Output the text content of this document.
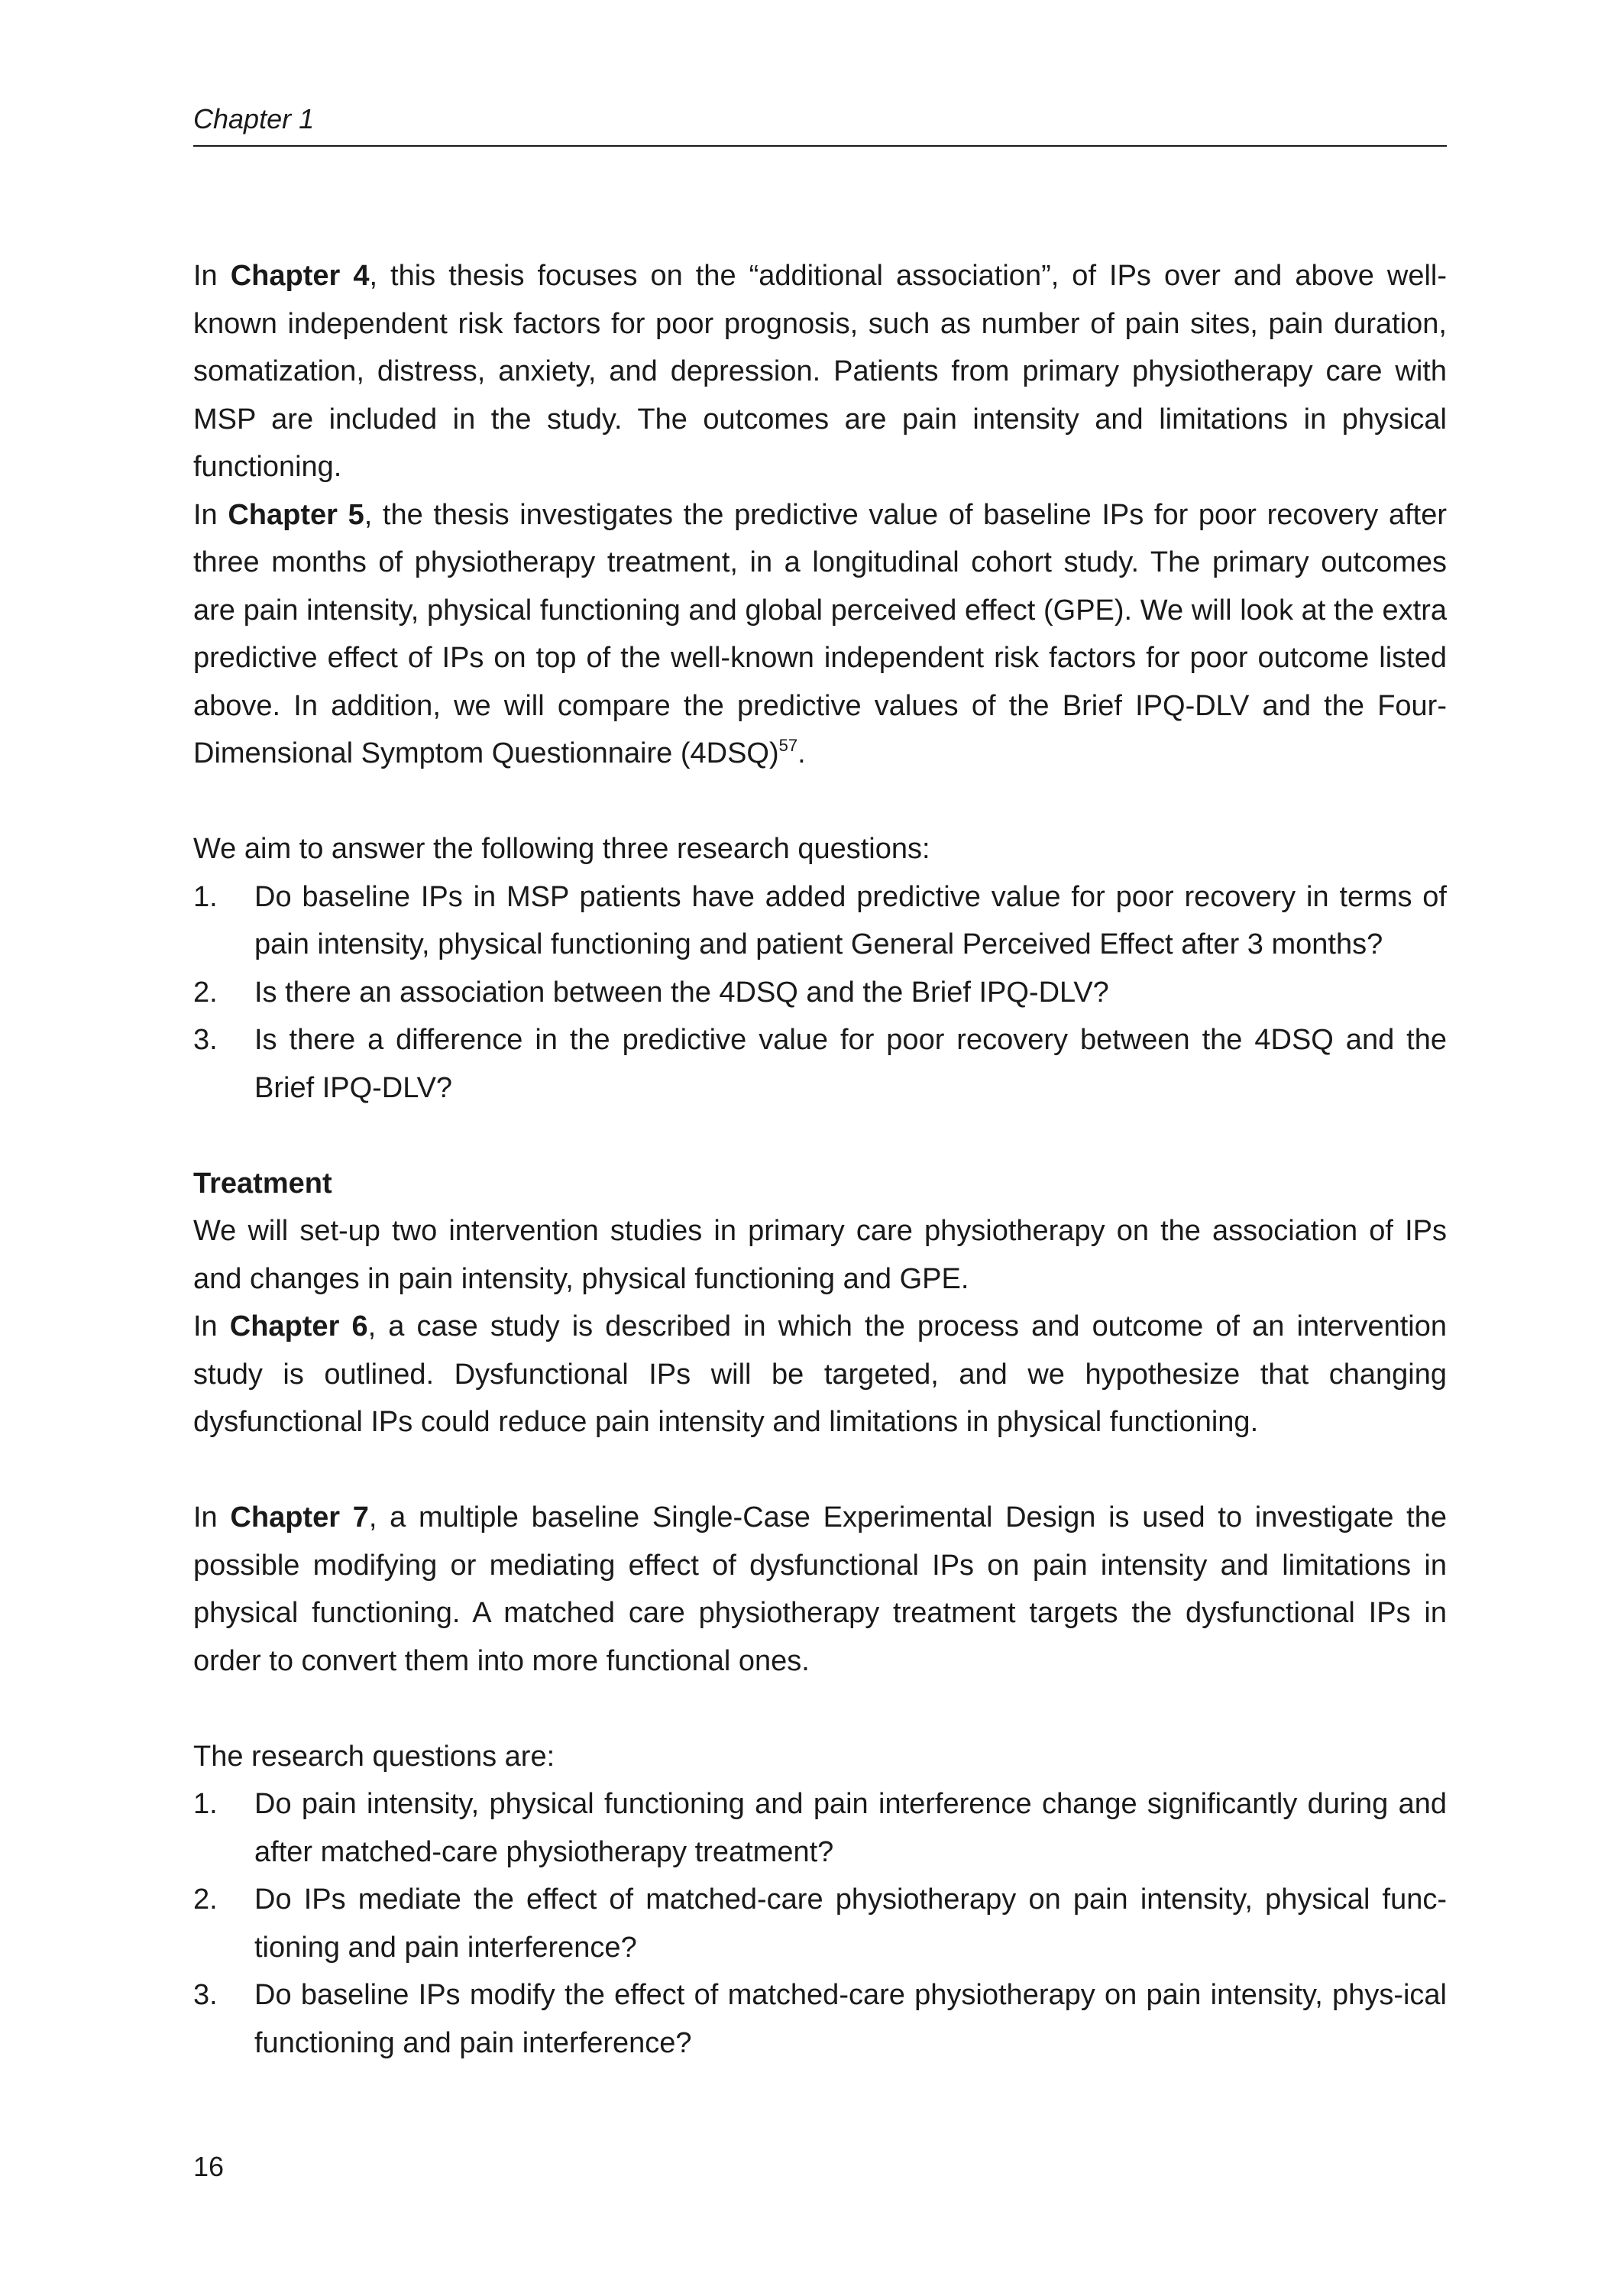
Chapter 1

In Chapter 4, this thesis focuses on the “additional association”, of IPs over and above well-known independent risk factors for poor prognosis, such as number of pain sites, pain duration, somatization, distress, anxiety, and depression. Patients from primary physiotherapy care with MSP are included in the study. The outcomes are pain intensity and limitations in physical functioning.

In Chapter 5, the thesis investigates the predictive value of baseline IPs for poor recovery after three months of physiotherapy treatment, in a longitudinal cohort study. The primary outcomes are pain intensity, physical functioning and global perceived effect (GPE). We will look at the extra predictive effect of IPs on top of the well-known independent risk factors for poor outcome listed above. In addition, we will compare the predictive values of the Brief IPQ-DLV and the Four-Dimensional Symptom Questionnaire $(4DSQ)^{57}$.

We aim to answer the following three research questions:

1. Do baseline IPs in MSP patients have added predictive value for poor recovery in terms of pain intensity, physical functioning and patient General Perceived Effect after 3 months?
2. Is there an association between the 4DSQ and the Brief IPQ-DLV?
3. Is there a difference in the predictive value for poor recovery between the 4DSQ and the Brief IPQ-DLV?

Treatment

We will set-up two intervention studies in primary care physiotherapy on the association of IPs and changes in pain intensity, physical functioning and GPE.

In Chapter 6, a case study is described in which the process and outcome of an intervention study is outlined. Dysfunctional IPs will be targeted, and we hypothesize that changing dysfunctional IPs could reduce pain intensity and limitations in physical functioning.

In Chapter 7, a multiple baseline Single-Case Experimental Design is used to investigate the possible modifying or mediating effect of dysfunctional IPs on pain intensity and limitations in physical functioning. A matched care physiotherapy treatment targets the dysfunctional IPs in order to convert them into more functional ones.

The research questions are:

1. Do pain intensity, physical functioning and pain interference change significantly during and after matched-care physiotherapy treatment?
2. Do IPs mediate the effect of matched-care physiotherapy on pain intensity, physical func-tioning and pain interference?
3. Do baseline IPs modify the effect of matched-care physiotherapy on pain intensity, phys-ical functioning and pain interference?
16
